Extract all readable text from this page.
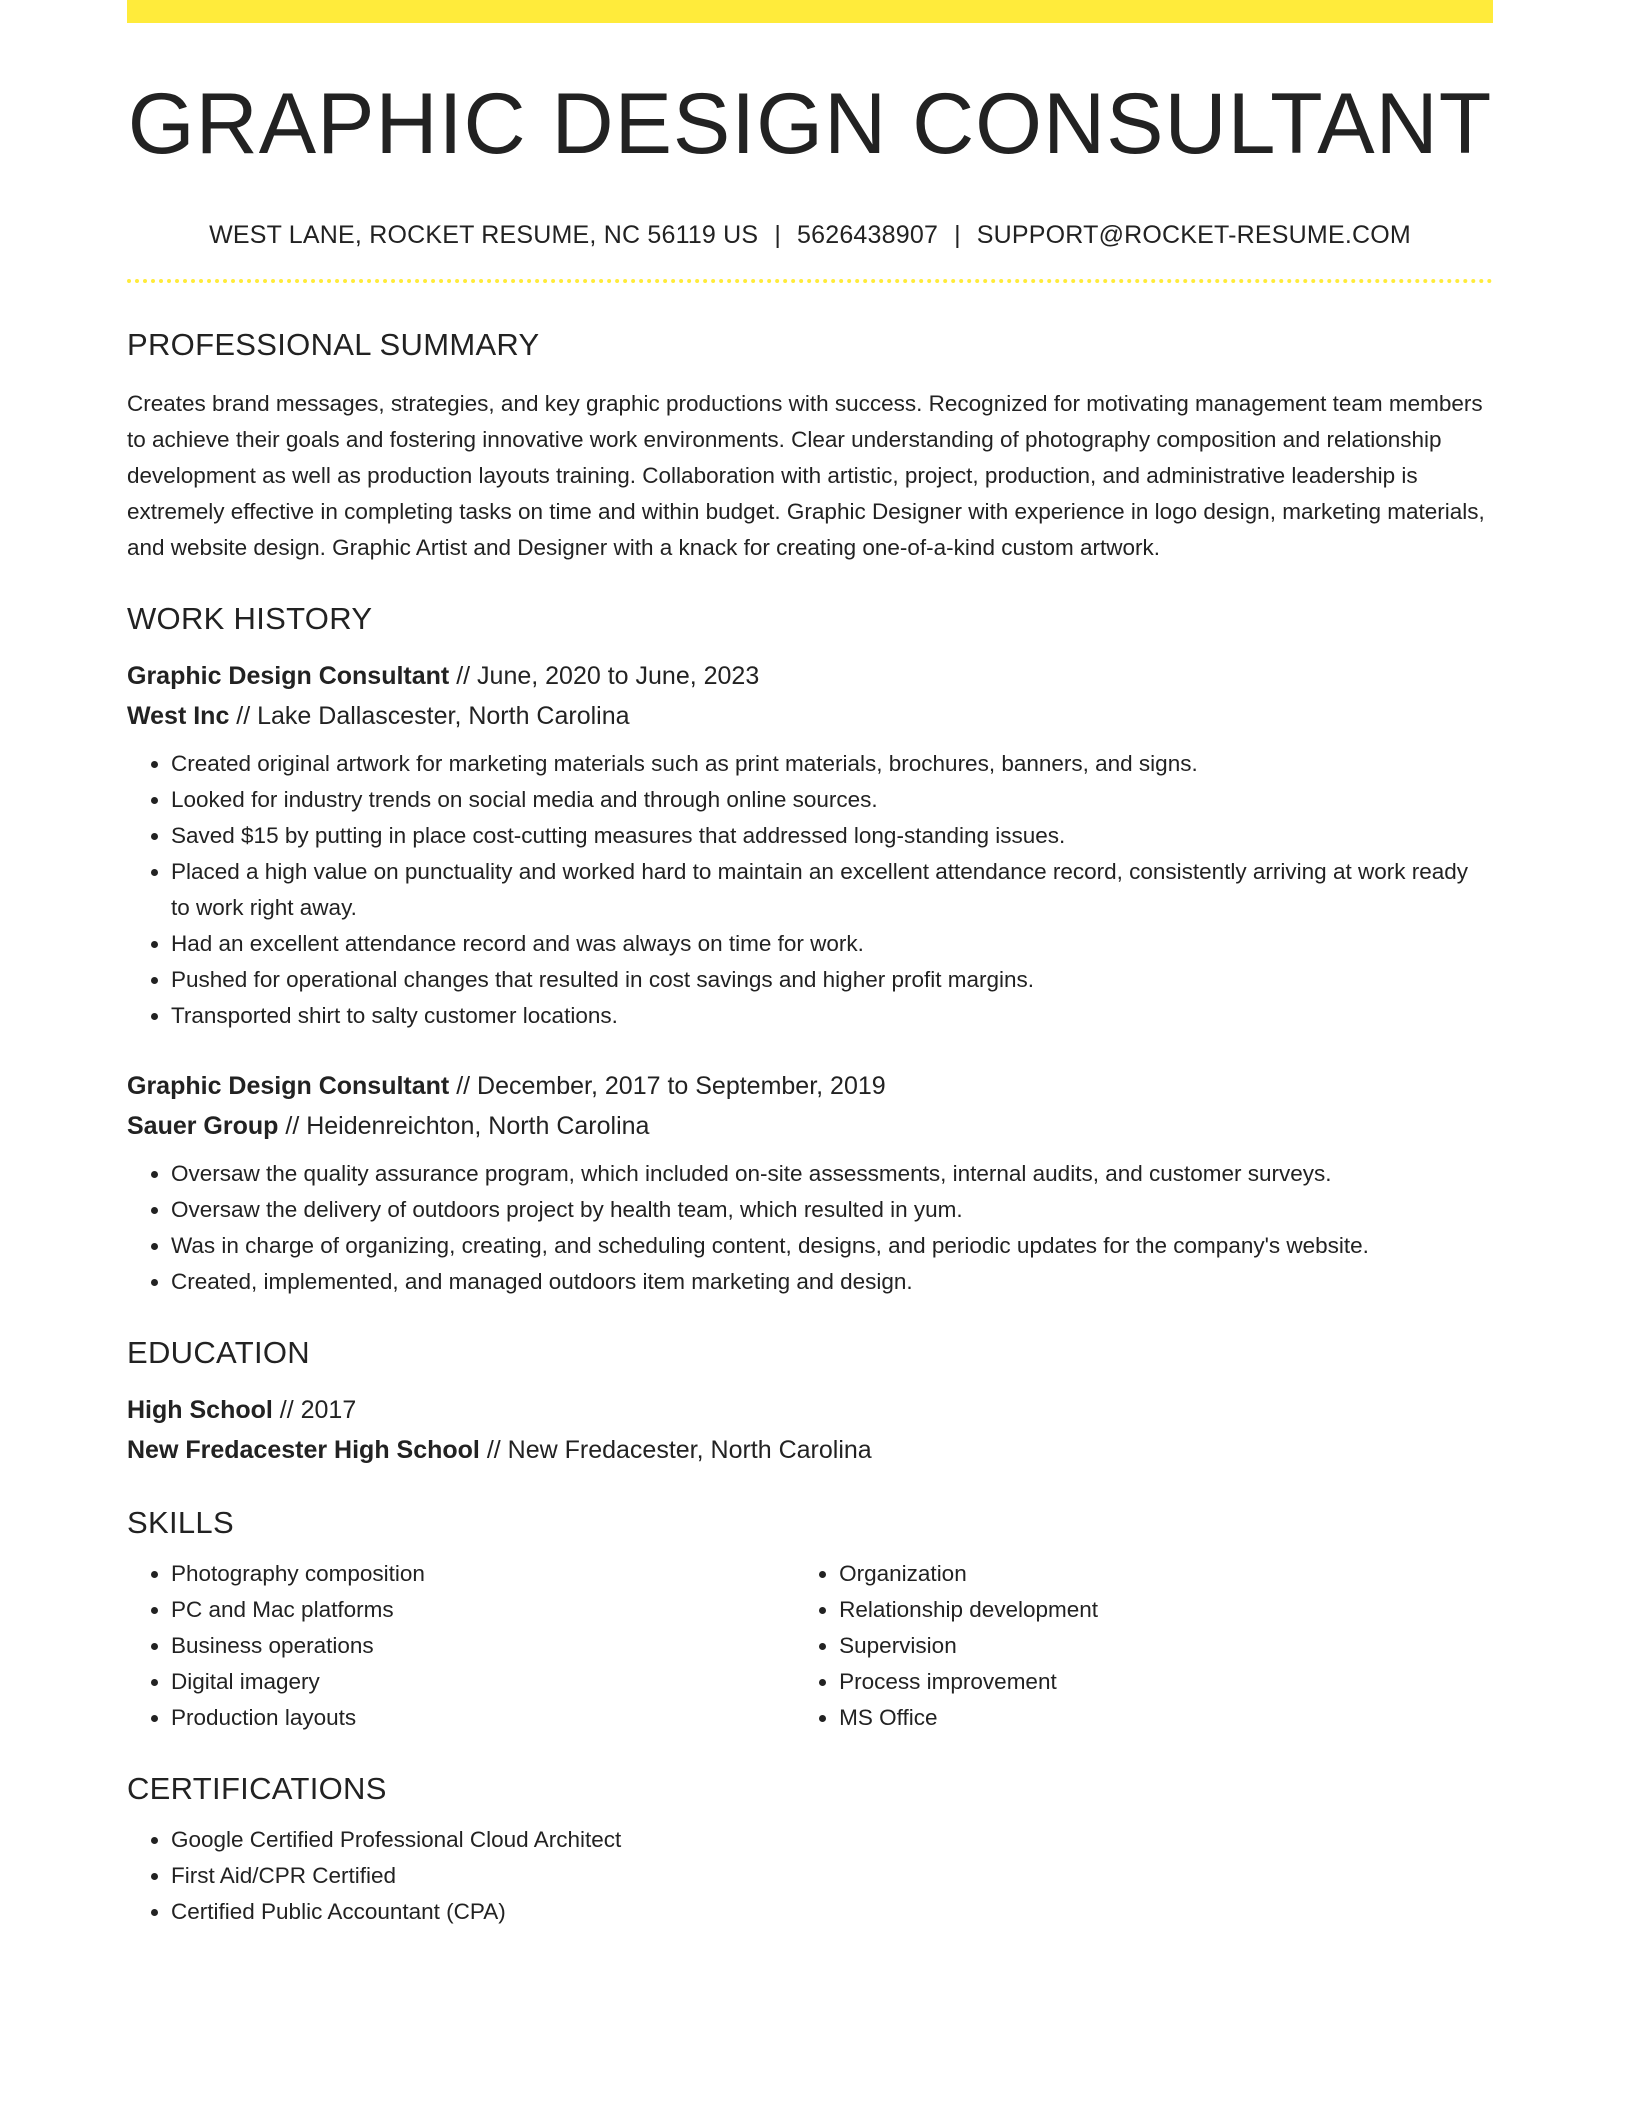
GRAPHIC DESIGN CONSULTANT
WEST LANE, ROCKET RESUME, NC 56119 US | 5626438907 | SUPPORT@ROCKET-RESUME.COM
PROFESSIONAL SUMMARY

Creates brand messages, strategies, and key graphic productions with success. Recognized for motivating management team members to achieve their goals and fostering innovative work environments. Clear understanding of photography composition and relationship development as well as production layouts training. Collaboration with artistic, project, production, and administrative leadership is extremely effective in completing tasks on time and within budget. Graphic Designer with experience in logo design, marketing materials, and website design. Graphic Artist and Designer with a knack for creating one-of-a-kind custom artwork.

WORK HISTORY
Graphic Design Consultant // June, 2020 to June, 2023
West Inc // Lake Dallascester, North Carolina
• Created original artwork for marketing materials such as print materials, brochures, banners, and signs.
• Looked for industry trends on social media and through online sources.
• Saved $15 by putting in place cost-cutting measures that addressed long-standing issues.
• Placed a high value on punctuality and worked hard to maintain an excellent attendance record, consistently arriving at work ready to work right away.
• Had an excellent attendance record and was always on time for work.
• Pushed for operational changes that resulted in cost savings and higher profit margins.
• Transported shirt to salty customer locations.
Graphic Design Consultant // December, 2017 to September, 2019
Sauer Group // Heidenreichton, North Carolina
• Oversaw the quality assurance program, which included on-site assessments, internal audits, and customer surveys.
• Oversaw the delivery of outdoors project by health team, which resulted in yum.
• Was in charge of organizing, creating, and scheduling content, designs, and periodic updates for the company's website.
• Created, implemented, and managed outdoors item marketing and design.
EDUCATION
High School // 2017
New Fredacester High School // New Fredacester, North Carolina
SKILLS
• Photography composition
• PC and Mac platforms
• Business operations
• Digital imagery
• Production layouts
• Organization
• Relationship development
• Supervision
• Process improvement
• MS Office
CERTIFICATIONS
• Google Certified Professional Cloud Architect
• First Aid/CPR Certified
• Certified Public Accountant (CPA)
